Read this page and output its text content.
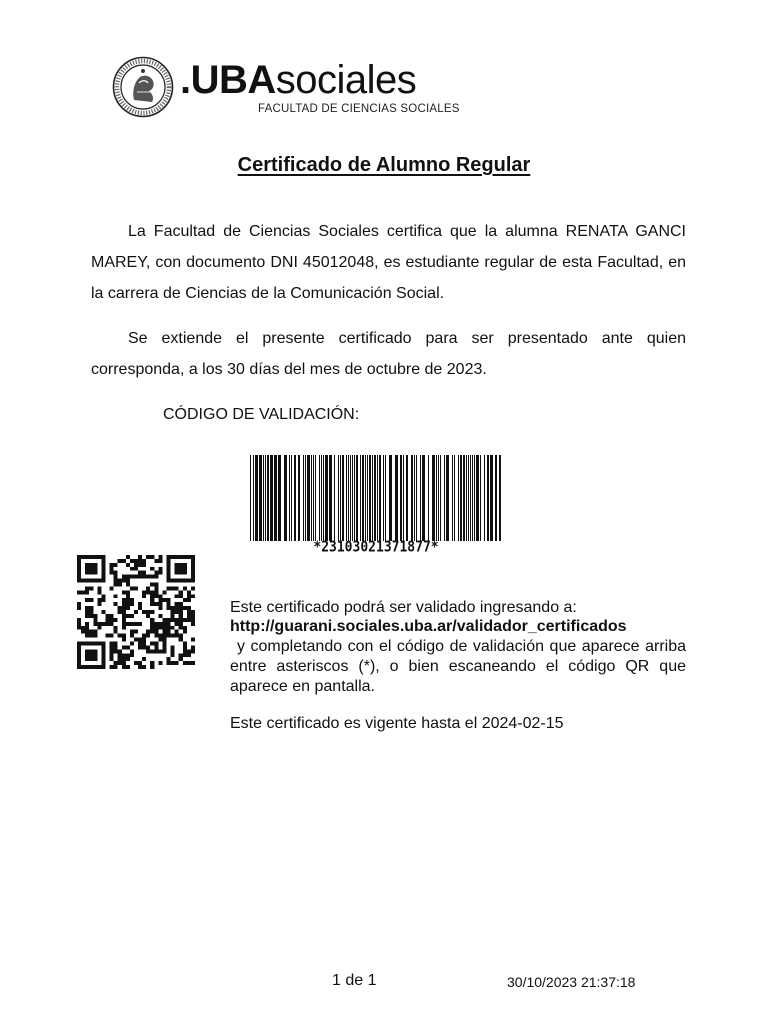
.UBAsociales
FACULTAD DE CIENCIAS SOCIALES
Certificado de Alumno Regular
La Facultad de Ciencias Sociales certifica que la alumna RENATA GANCI MAREY, con documento DNI 45012048, es estudiante regular de esta Facultad, en la carrera de Ciencias de la Comunicación Social.
Se extiende el presente certificado para ser presentado ante quien corresponda, a los 30 días del mes de octubre de 2023.
CÓDIGO DE VALIDACIÓN:
*23103021371877*
Este certificado podrá ser validado ingresando a:
http://guarani.sociales.uba.ar/validador_certificados
y completando con el código de validación que aparece arriba entre asteriscos (*), o bien escaneando el código QR que aparece en pantalla.
Este certificado es vigente hasta el 2024-02-15
1 de 1	30/10/2023 21:37:18
